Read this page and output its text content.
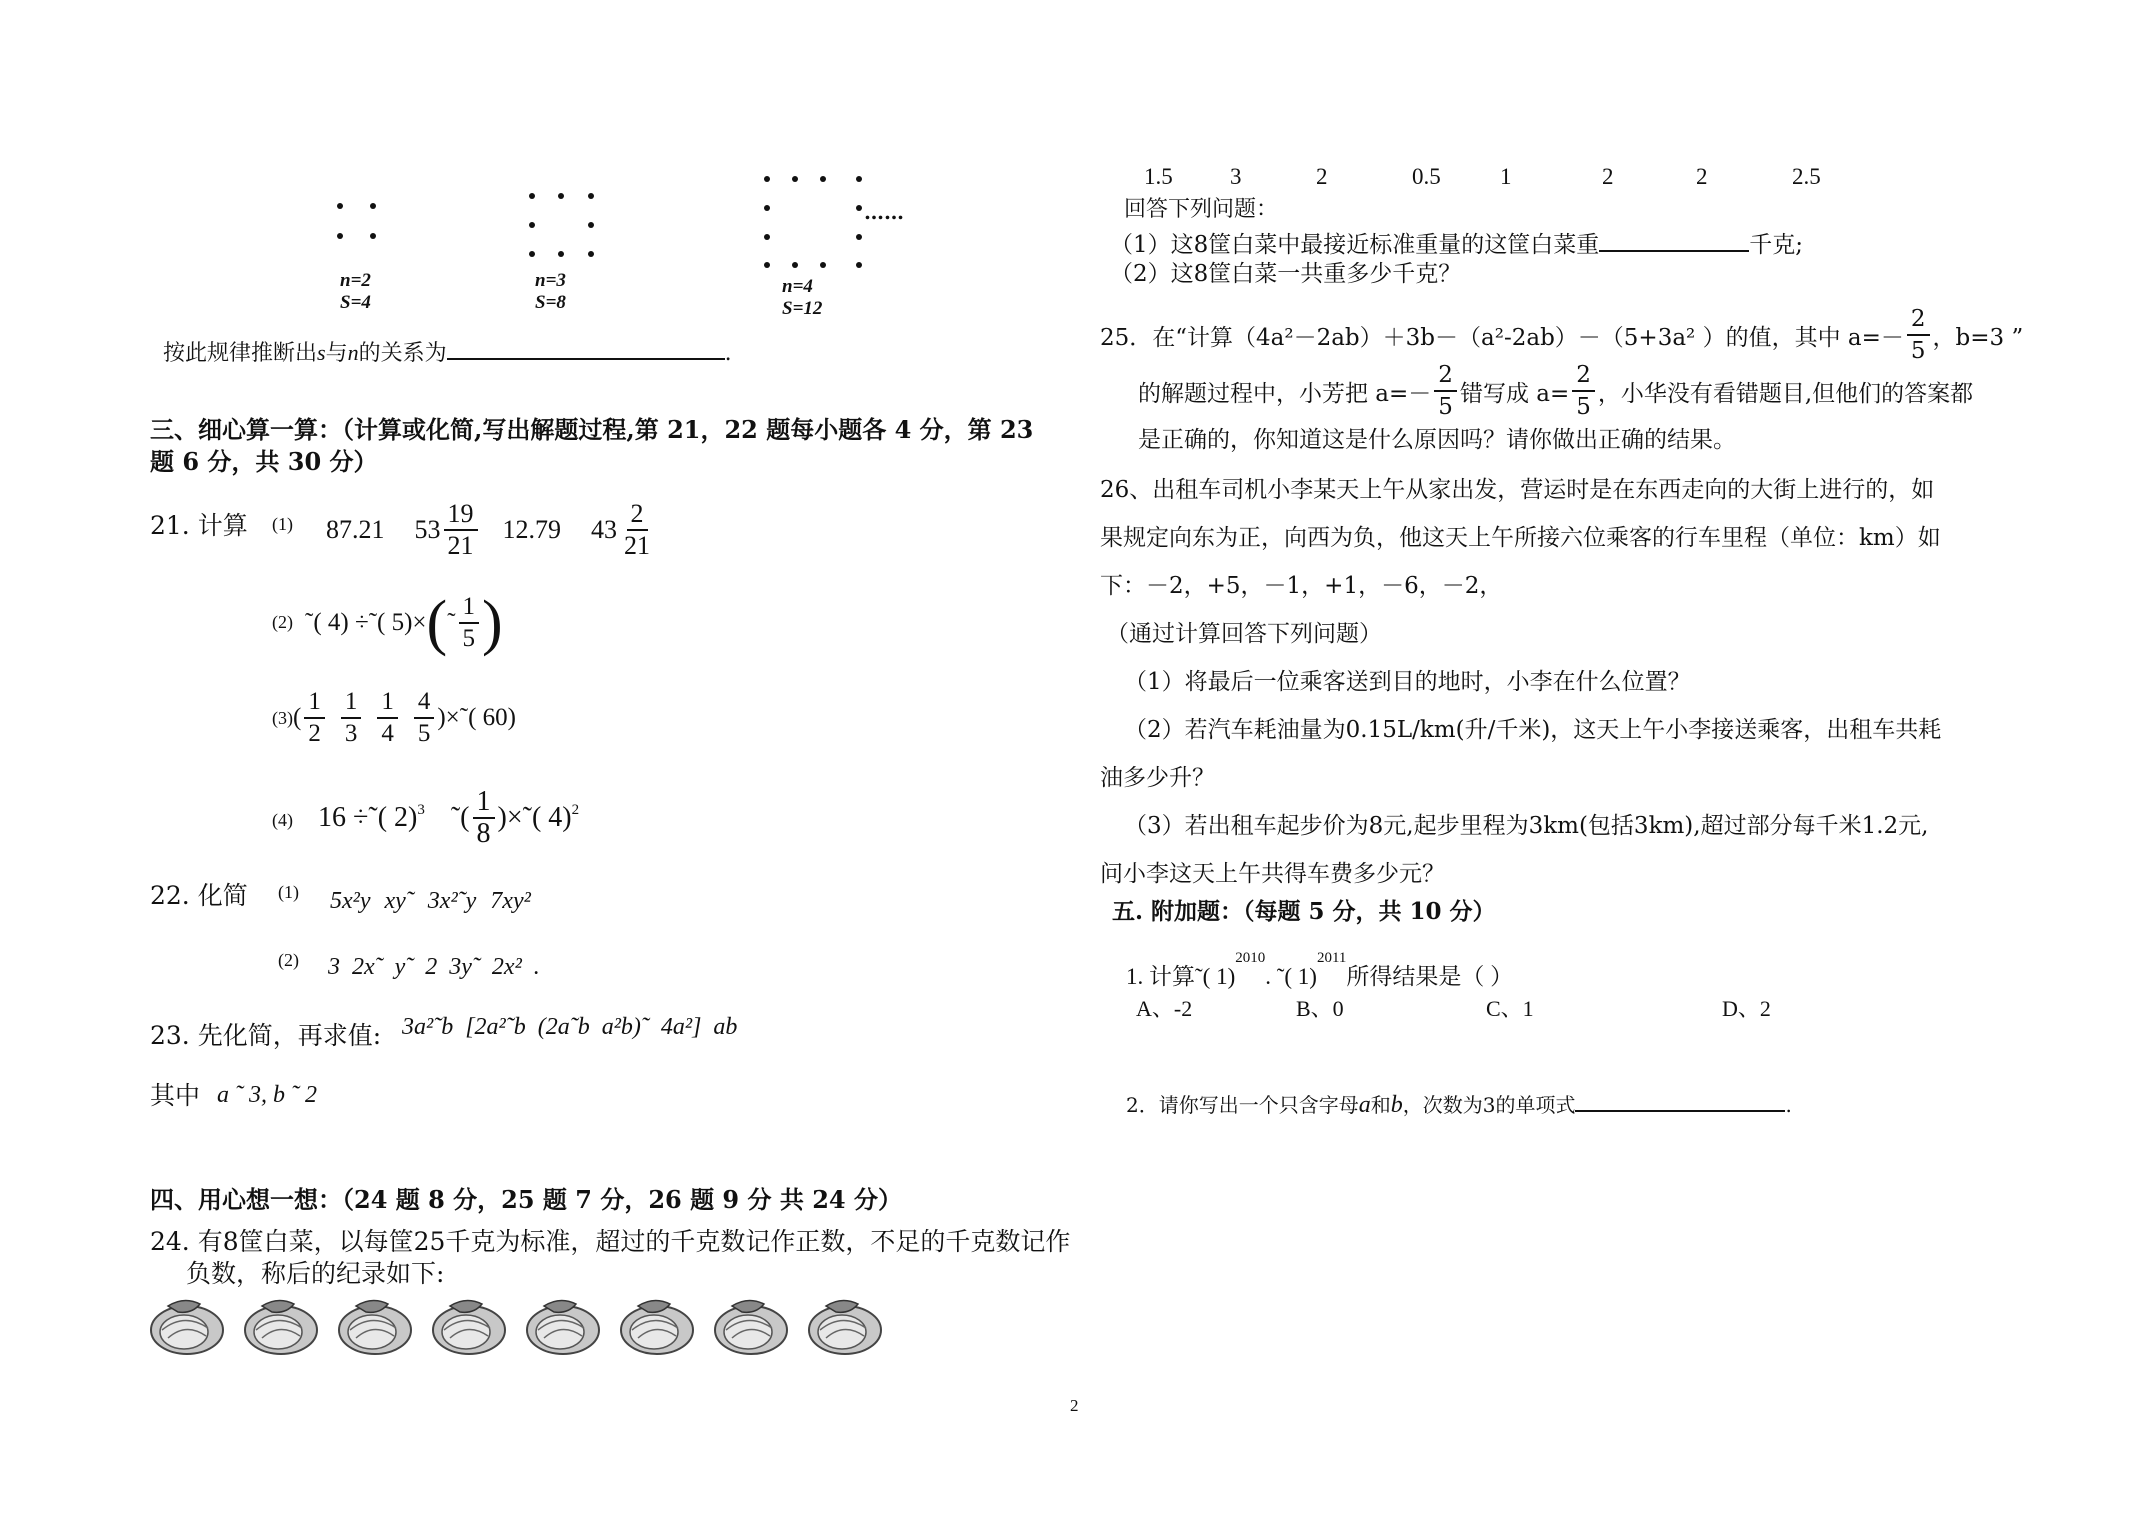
……
n=2
S=4
n=3
S=8
n=4
S=12
按此规律推断出s与n的关系为	.
三、细心算一算：（计算或化简,写出解题过程,第 21，22 题每小题各 4 分，第 23
题 6 分，共 30 分）
21. 计算 (1) 87.21 $53 \frac{19}{21} 12.79$ $43 \frac{2}{21}$
(2) ˜( 4) ÷˜( 5)× ( ˜ $\frac{1}{5}$ )
(3) ( $\frac{1}{2} \frac{1}{3} \frac{1}{4} \frac{4}{5}$ )×˜( 60)
(4) 16 ÷˜( 2) 3 ˜( $\frac{1}{8}$ )×˜( 4) 2
22. 化简 (1) 5x²y xy˜ 3x²˜y 7xy²
(2) 3 2x˜ y˜ 2 3y˜ 2x² .
23. 先化简，再求值: 3a²˜b [2a²˜b (2a˜b a²b)˜ 4a²] ab
其中 a ˜ 3, b ˜ 2
四、用心想一想：（24 题 8 分，25 题 7 分，26 题 9 分 共 24 分）
24. 有8筐白菜，以每筐25千克为标准，超过的千克数记作正数，不足的千克数记作
负数，称后的纪录如下:
1.5 3	2	0.5	1	2	2	2.5
回答下列问题：
（1）这8筐白菜中最接近标准重量的这筐白菜重	千克;
（2）这8筐白菜一共重多少千克？
25．在“计算（4a²－2ab）＋3b－（a²-2ab）－（5+3a² ）的值，其中 $a=- \frac{2}{5}$ ，b=3 ”
的解题过程中，小芳把 $a=- \frac{2}{5}$ 错写成 $a= \frac{2}{5}$ ，小华没有看错题目,但他们的答案都
是正确的，你知道这是什么原因吗？请你做出正确的结果。
26、出租车司机小李某天上午从家出发，营运时是在东西走向的大街上进行的，如
果规定向东为正，向西为负，他这天上午所接六位乘客的行车里程（单位：km）如
下：－2，+5，－1，+1，－6，－2，
（通过计算回答下列问题）
（1）将最后一位乘客送到目的地时，小李在什么位置？
（2）若汽车耗油量为0.15L/km(升/千米)，这天上午小李接送乘客，出租车共耗
油多少升？
（3）若出租车起步价为8元,起步里程为3km(包括3km),超过部分每千米1.2元,
问小李这天上午共得车费多少元？
五. 附加题：（每题 5 分，共 10 分）
1. 计算˜( 1)$^{2010}$. ˜( 1)$^{2011}$所得结果是（ ）
A、-2	B、0	C、1	D、2
2．请你写出一个只含字母a和b，次数为3的单项式	.
2
